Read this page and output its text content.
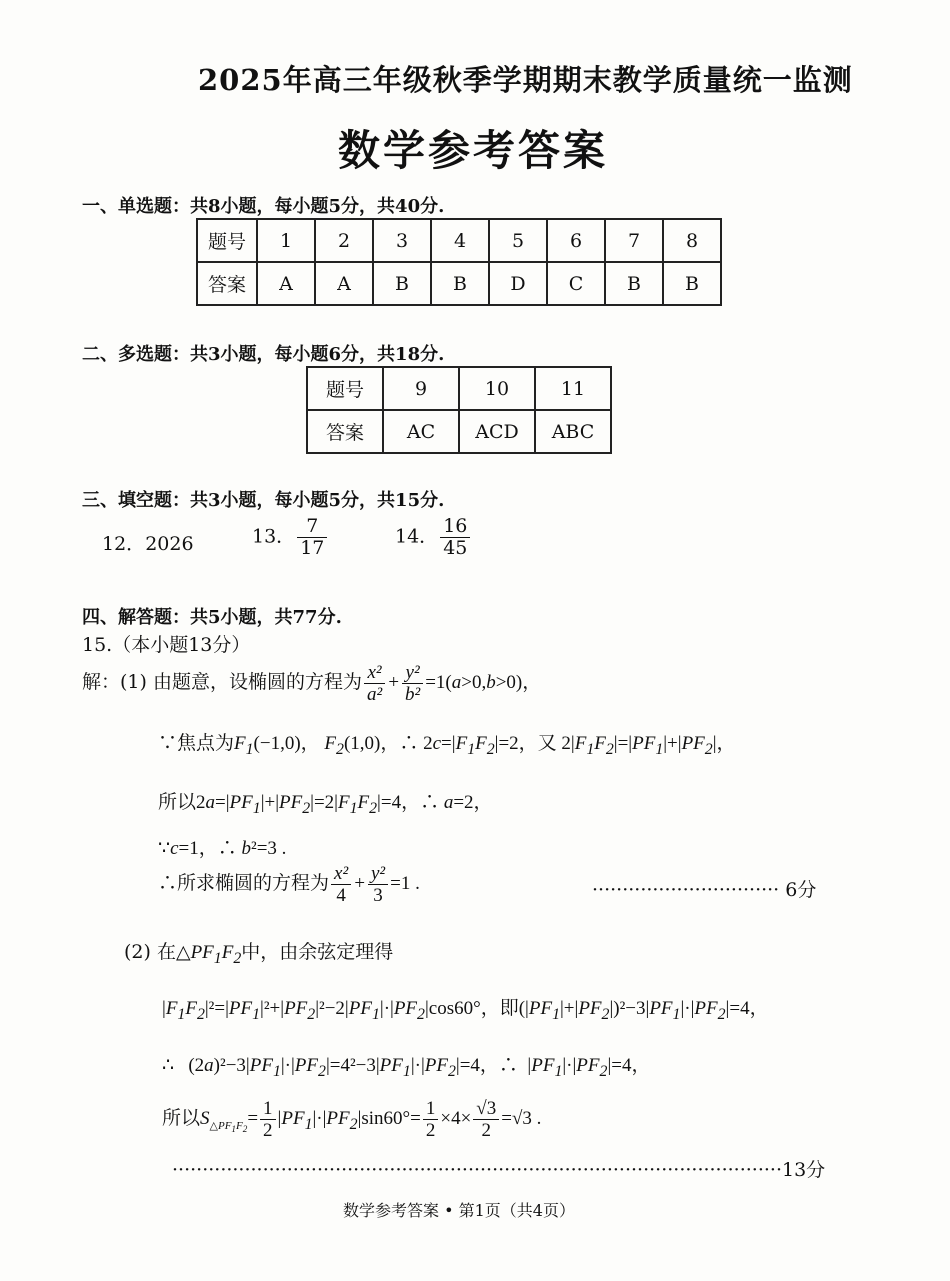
2025年高三年级秋季学期期末教学质量统一监测
数学参考答案
一、单选题：共8小题，每小题5分，共40分.
题号	1	2	3	4	5	6	7	8
答案	A	A	B	B	D	C	B	B
二、多选题：共3小题，每小题6分，共18分.
题号	9	10	11
答案	AC	ACD	ABC
三、填空题：共3小题，每小题5分，共15分.
12．2026	13． $\frac{7}{17}$	14． $\frac{16}{45}$
四、解答题：共5小题，共77分.
15.（本小题13分）
解：(1) 由题意，设椭圆的方程为 $\frac{\text{x²}}{\text{a²}} + \frac{\text{y²}}{\text{b²}} =1(a>0,b>0)$，
∵焦点为$F_1(-1,0)$， $F_2(1,0)$，∴ $2c=|F_1F_2|=2$，又 $2|F_1F_2|=|PF_1|+|PF_2|$，
所以$2a=|PF_1|+|PF_2|=2|F_1F_2|=4$，∴ a=2，
∵c=1，∴ b²=3 .
∴所求椭圆的方程为 $\frac{\text{x²}}{4} + \frac{\text{y²}}{3} =1$ .	······························· 6分
(2) 在$\triangle PF_1F_2$中，由余弦定理得
$|F_1F_2|^2=|PF_1|^2+|PF_2|^2-2|PF_1|\cdot|PF_2|\cos 60^\circ$，即$(|PF_1|+|PF_2|)^2-3|PF_1|\cdot|PF_2|=4$，
∴   $(2a)^2-3|PF_1|\cdot|PF_2|=4^2-3|PF_1|\cdot|PF_2|=4$，∴  $|PF_1|\cdot|PF_2|=4$，
所以$S_{\triangle PF_1F_2}= \frac{1}{2} |PF_1|\cdot|PF_2|\sin 60^\circ= \frac{1}{2} \times 4\times \frac{√3}{2} =√3$ .
·····································································································13分
数学参考答案 • 第1页（共4页）
